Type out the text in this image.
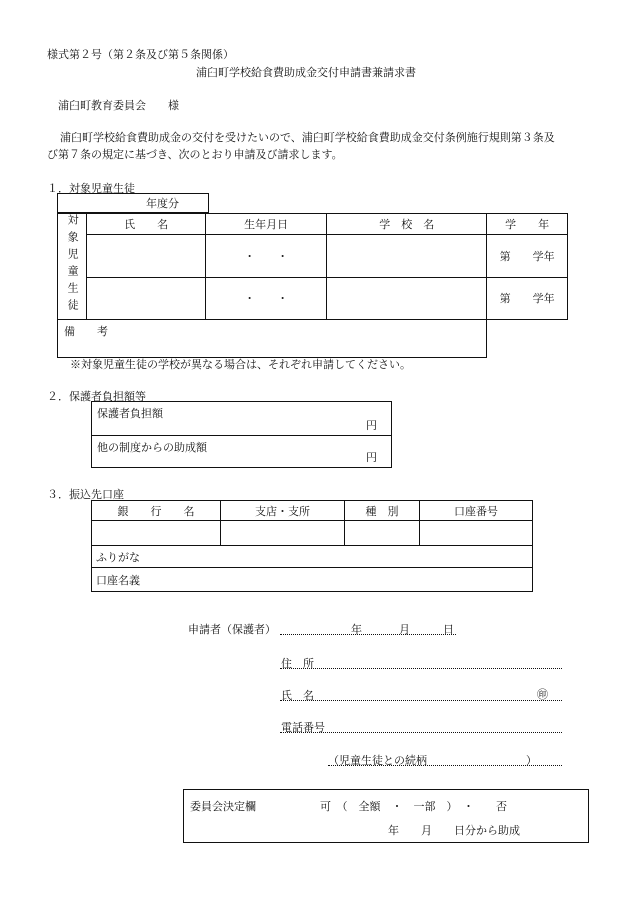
様式第２号（第２条及び第５条関係）
浦臼町学校給食費助成金交付申請書兼請求書
浦臼町教育委員会　　様
浦臼町学校給食費助成金の交付を受けたいので、浦臼町学校給食費助成金交付条例施行規則第３条及
び第７条の規定に基づき、次のとおり申請及び請求します。
１．対象児童生徒
年度分
対象児童生徒	氏　　名	生年月日	学　校　名	学　　年
		・　　・		第　　学年
		・　　・		第　　学年
備　　考				
※対象児童生徒の学校が異なる場合は、それぞれ申請してください。
２．保護者負担額等
保護者負担額
円

他の制度からの助成額
円
３．振込先口座
銀　　行　　名	支店・支所	種　別	口座番号

ふりがな			
口座名義			
申請者（保護者）	年	月	日
住　所
氏　名	㊞
電話番号
（児童生徒との続柄　　　　　　　　　）
委員会決定欄	可　（　全額　・　一部　）　・　　否
年　　月　　日分から助成
